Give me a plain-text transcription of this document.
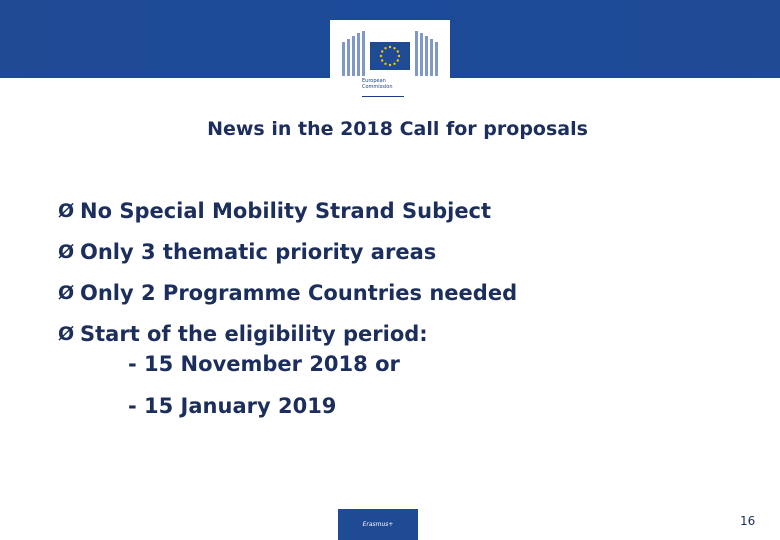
European
Commission
News in the 2018 Call for proposals
Ø No Special Mobility Strand Subject
Ø Only 3 thematic priority areas
Ø Only 2 Programme Countries needed
Ø Start of the eligibility period:
- 15 November 2018 or
- 15 January 2019
Erasmus+	16
